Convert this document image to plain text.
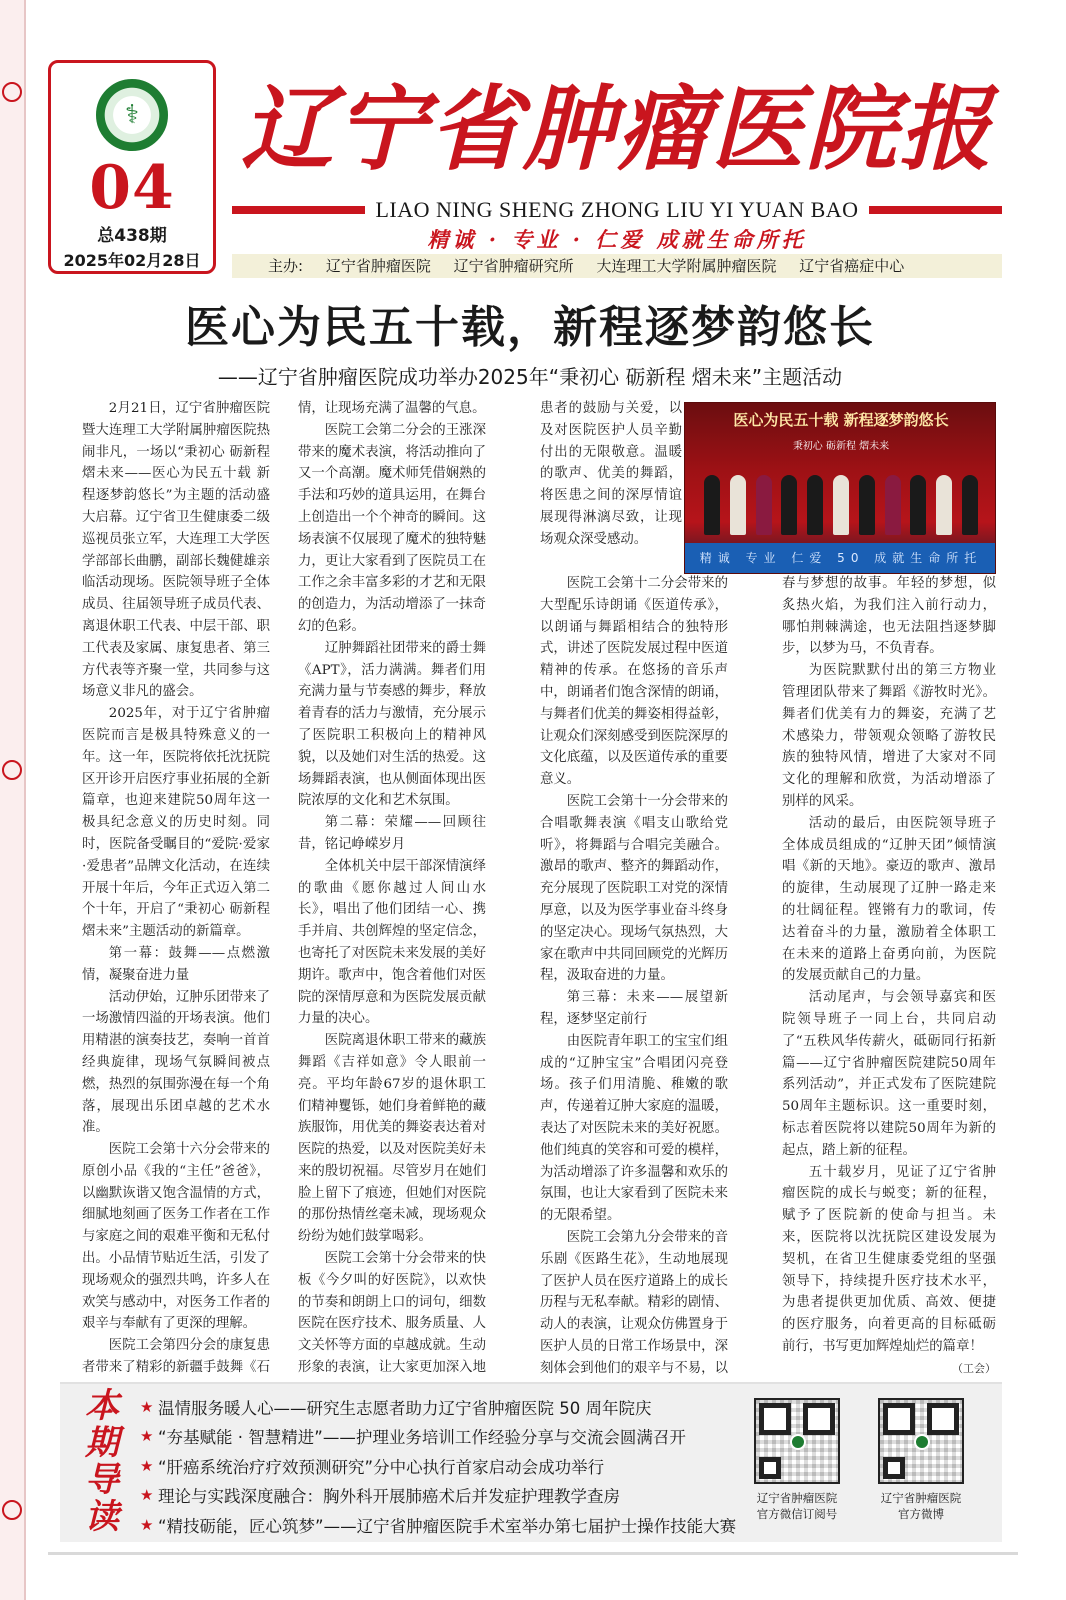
⚕
04
总438期
2025年02月28日
辽宁省肿瘤医院报
LIAO NING SHENG ZHONG LIU YI YUAN BAO
精诚 · 专业 · 仁爱 成就生命所托
主办: 辽宁省肿瘤医院 辽宁省肿瘤研究所 大连理工大学附属肿瘤医院 辽宁省癌症中心
医心为民五十载，新程逐梦韵悠长
——辽宁省肿瘤医院成功举办2025年“秉初心 砺新程 熠未来”主题活动

2月21日，辽宁省肿瘤医院暨大连理工大学附属肿瘤医院热闹非凡，一场以“秉初心 砺新程 熠未来——医心为民五十载 新程逐梦韵悠长”为主题的活动盛大启幕。辽宁省卫生健康委二级巡视员张立军，大连理工大学医学部部长曲鹏，副部长魏健雄亲临活动现场。医院领导班子全体成员、往届领导班子成员代表、离退休职工代表、中层干部、职工代表及家属、康复患者、第三方代表等齐聚一堂，共同参与这场意义非凡的盛会。

2025年，对于辽宁省肿瘤医院而言是极具特殊意义的一年。这一年，医院将依托沈抚院区开诊开启医疗事业拓展的全新篇章，也迎来建院50周年这一极具纪念意义的历史时刻。同时，医院备受瞩目的“爱院·爱家·爱患者”品牌文化活动，在连续开展十年后，今年正式迈入第二个十年，开启了“秉初心 砺新程 熠未来”主题活动的新篇章。

第一幕：鼓舞——点燃激情，凝聚奋进力量

活动伊始，辽肿乐团带来了一场激情四溢的开场表演。他们用精湛的演奏技艺，奏响一首首经典旋律，现场气氛瞬间被点燃，热烈的氛围弥漫在每一个角落，展现出乐团卓越的艺术水准。

医院工会第十六分会带来的原创小品《我的“主任”爸爸》，以幽默诙谐又饱含温情的方式，细腻地刻画了医务工作者在工作与家庭之间的艰难平衡和无私付出。小品情节贴近生活，引发了现场观众的强烈共鸣，许多人在欢笑与感动中，对医务工作者的艰辛与奉献有了更深的理解。

医院工会第四分会的康复患者带来了精彩的新疆手鼓舞《石

情，让现场充满了温馨的气息。

医院工会第二分会的王涨深带来的魔术表演，将活动推向了又一个高潮。魔术师凭借娴熟的手法和巧妙的道具运用，在舞台上创造出一个个神奇的瞬间。这场表演不仅展现了魔术的独特魅力，更让大家看到了医院员工在工作之余丰富多彩的才艺和无限的创造力，为活动增添了一抹奇幻的色彩。

辽肿舞蹈社团带来的爵士舞《APT》，活力满满。舞者们用充满力量与节奏感的舞步，释放着青春的活力与激情，充分展示了医院职工积极向上的精神风貌，以及她们对生活的热爱。这场舞蹈表演，也从侧面体现出医院浓厚的文化和艺术氛围。

第二幕：荣耀——回顾往昔，铭记峥嵘岁月

全体机关中层干部深情演绎的歌曲《愿你越过人间山水长》，唱出了他们团结一心、携手并肩、共创辉煌的坚定信念，也寄托了对医院未来发展的美好期许。歌声中，饱含着他们对医院的深情厚意和为医院发展贡献力量的决心。

医院离退休职工带来的藏族舞蹈《吉祥如意》令人眼前一亮。平均年龄67岁的退休职工们精神矍铄，她们身着鲜艳的藏族服饰，用优美的舞姿表达着对医院的热爱，以及对医院美好未来的殷切祝福。尽管岁月在她们脸上留下了痕迹，但她们对医院的那份热情丝毫未减，现场观众纷纷为她们鼓掌喝彩。

医院工会第十分会带来的快板《今夕叫的好医院》，以欢快的节奏和朗朗上口的词句，细数医院在医疗技术、服务质量、人文关怀等方面的卓越成就。生动形象的表演，让大家更加深入地

患者的鼓励与关爱，以及对医院医护人员辛勤付出的无限敬意。温暖的歌声、优美的舞蹈，将医患之间的深厚情谊展现得淋漓尽致，让现场观众深受感动。

医心为民五十载 新程逐梦韵悠长
秉初心 砺新程 熠未来
精诚 专业 仁爱 50 成就生命所托

医院工会第十二分会带来的大型配乐诗朗诵《医道传承》，以朗诵与舞蹈相结合的独特形式，讲述了医院发展过程中医道精神的传承。在悠扬的音乐声中，朗诵者们饱含深情的朗诵，与舞者们优美的舞姿相得益彰，让观众们深刻感受到医院深厚的文化底蕴，以及医道传承的重要意义。

医院工会第十一分会带来的合唱歌舞表演《唱支山歌给党听》，将舞蹈与合唱完美融合。激昂的歌声、整齐的舞蹈动作，充分展现了医院职工对党的深情厚意，以及为医学事业奋斗终身的坚定决心。现场气氛热烈，大家在歌声中共同回顾党的光辉历程，汲取奋进的力量。

第三幕：未来——展望新程，逐梦坚定前行

由医院青年职工的宝宝们组成的“辽肿宝宝”合唱团闪亮登场。孩子们用清脆、稚嫩的歌声，传递着辽肿大家庭的温暖，表达了对医院未来的美好祝愿。他们纯真的笑容和可爱的模样，为活动增添了许多温馨和欢乐的氛围，也让大家看到了医院未来的无限希望。

医院工会第九分会带来的音乐剧《医路生花》，生动地展现了医护人员在医疗道路上的成长历程与无私奉献。精彩的剧情、动人的表演，让观众仿佛置身于医护人员的日常工作场景中，深刻体会到他们的艰辛与不易，以

春与梦想的故事。年轻的梦想，似炙热火焰，为我们注入前行动力，哪怕荆棘满途，也无法阻挡逐梦脚步，以梦为马，不负青春。

为医院默默付出的第三方物业管理团队带来了舞蹈《游牧时光》。舞者们优美有力的舞姿，充满了艺术感染力，带领观众领略了游牧民族的独特风情，增进了大家对不同文化的理解和欣赏，为活动增添了别样的风采。

活动的最后，由医院领导班子全体成员组成的“辽肿天团”倾情演唱《新的天地》。豪迈的歌声、激昂的旋律，生动展现了辽肿一路走来的壮阔征程。铿锵有力的歌词，传达着奋斗的力量，激励着全体职工在未来的道路上奋勇向前，为医院的发展贡献自己的力量。

活动尾声，与会领导嘉宾和医院领导班子一同上台，共同启动了“五秩风华传薪火，砥砺同行拓新篇——辽宁省肿瘤医院建院50周年系列活动”，并正式发布了医院建院50周年主题标识。这一重要时刻，标志着医院将以建院50周年为新的起点，踏上新的征程。

五十载岁月，见证了辽宁省肿瘤医院的成长与蜕变；新的征程，赋予了医院新的使命与担当。未来，医院将以沈抚院区建设发展为契机，在省卫生健康委党组的坚强领导下，持续提升医疗技术水平，为患者提供更加优质、高效、便捷的医疗服务，向着更高的目标砥砺前行，书写更加辉煌灿烂的篇章！

（工会）

本期导读
★ 温情服务暖人心——研究生志愿者助力辽宁省肿瘤医院 50 周年院庆
★ “夯基赋能 · 智慧精进”——护理业务培训工作经验分享与交流会圆满召开
★ “肝癌系统治疗疗效预测研究”分中心执行首家启动会成功举行
★ 理论与实践深度融合：胸外科开展肺癌术后并发症护理教学查房
★ “精技砺能，匠心筑梦”——辽宁省肿瘤医院手术室举办第七届护士操作技能大赛
辽宁省肿瘤医院
官方微信订阅号
辽宁省肿瘤医院
官方微博
